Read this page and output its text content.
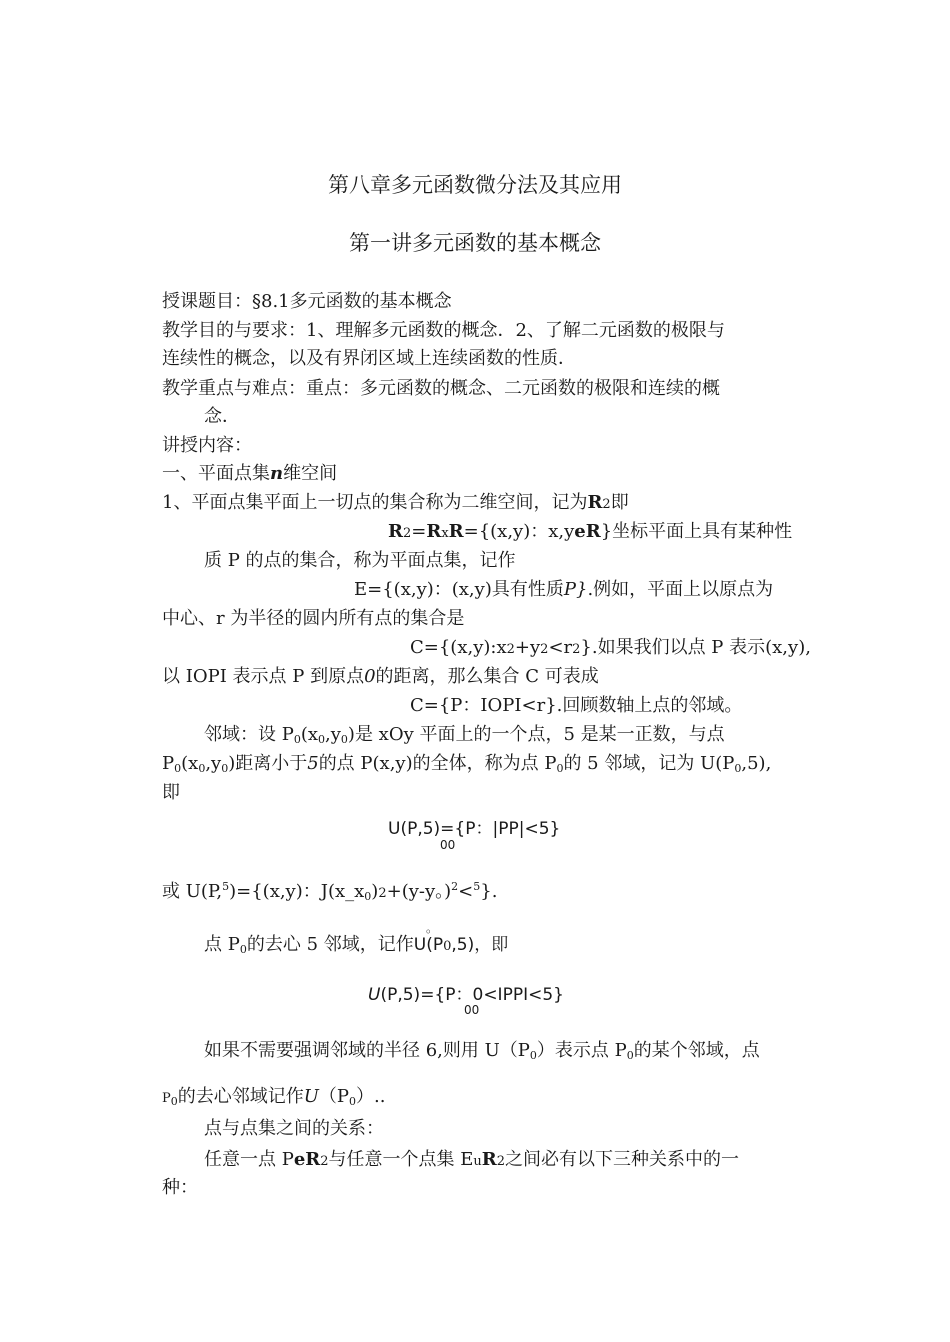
第八章多元函数微分法及其应用
第一讲多元函数的基本概念
授课题目：§8.1多元函数的基本概念
教学目的与要求：1、理解多元函数的概念．2、了解二元函数的极限与
连续性的概念，以及有界闭区域上连续函数的性质．
教学重点与难点：重点：多元函数的概念、二元函数的极限和连续的概
念．
讲授内容：
一、平面点集n维空间
1、平面点集平面上一切点的集合称为二维空间，记为R2即
R2=RxR={(x,y)：x,yeR}坐标平面上具有某种性
质 P 的点的集合，称为平面点集，记作
E={(x,y)：(x,y)具有性质P}.例如，平面上以原点为
中心、r 为半径的圆内所有点的集合是
C={(x,y):x2+y2<r2}.如果我们以点 P 表示(x,y),
以 IOPI 表示点 P 到原点0的距离，那么集合 C 可表成
C={P：IOPI<r}.回顾数轴上点的邻域。
邻域：设 $P_0(x_0,y_0)$是 xOy 平面上的一个点，5 是某一正数，与点
$P_0(x_0,y_0)$距离小于5的点 P(x,y)的全体，称为点 $P_0$的 5 邻域，记为 $U(P_0,5)$,
即
U(P,5)={P：|PP|<5}
00
或 U(P,$^5$)={(x,y)：$J(x\_x_0)2+(y-y$。)$^2$<$^5$}.
。
点 $P_0$的去心 5 邻域，记作U(P0,5)，即
U(P,5)={P：0<IPPI<5}
00
如果不需要强调邻域的半径 6,则用 $U(P_0)$表示点 $P_0$的某个邻域，点
$P_0$的去心邻域记作$U(P_0)$..
点与点集之间的关系：
任意一点 PeR2与任意一个点集 EuR2之间必有以下三种关系中的一
种：
